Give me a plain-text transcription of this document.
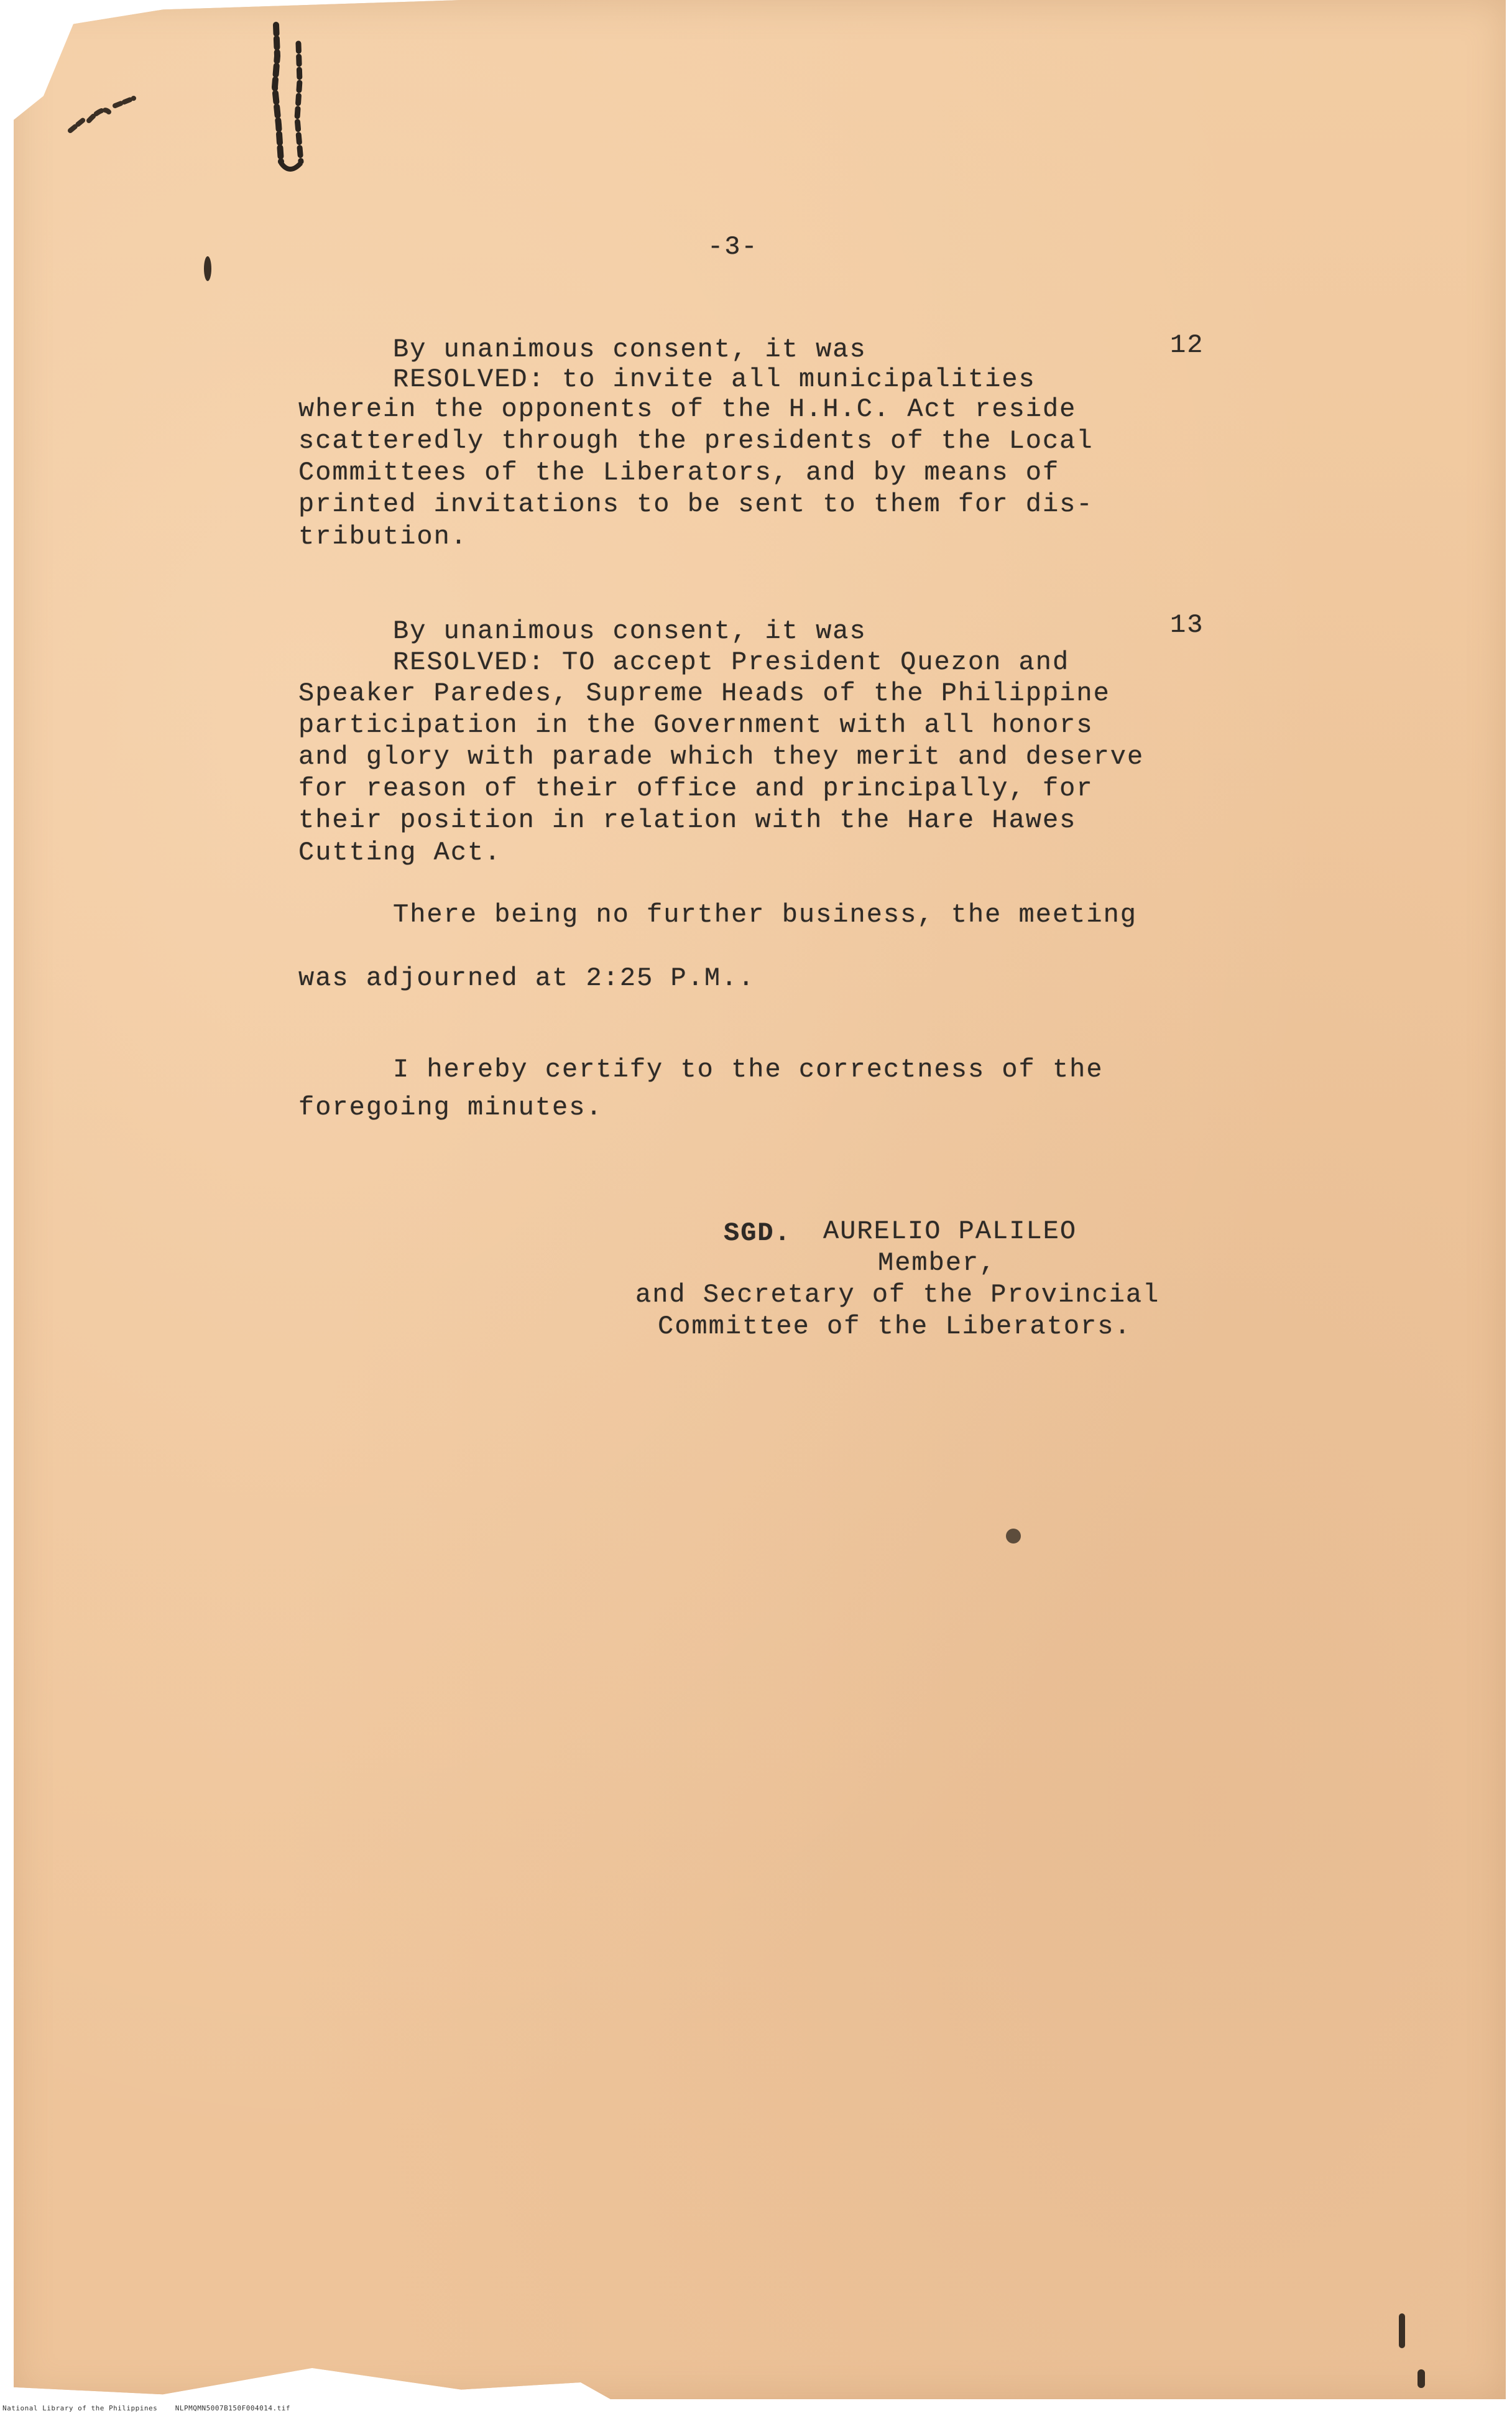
-3-
By unanimous consent, it was	12
RESOLVED: to invite all municipalities
wherein the opponents of the H.H.C. Act reside
scatteredly through the presidents of the Local
Committees of the Liberators, and by means of
printed invitations to be sent to them for dis-
tribution.
By unanimous consent, it was	13
RESOLVED: TO accept President Quezon and
Speaker Paredes, Supreme Heads of the Philippine
participation in the Government with all honors
and glory with parade which they merit and deserve
for reason of their office and principally, for
their position in relation with the Hare Hawes
Cutting Act.
There being no further business, the meeting
was adjourned at 2:25 P.M..
I hereby certify to the correctness of the
foregoing minutes.
SGD. AURELIO PALILEO
Member,
and Secretary of the Provincial
Committee of the Liberators.
National Library of the Philippines	NLPMQMN5007B150F004014.tif
